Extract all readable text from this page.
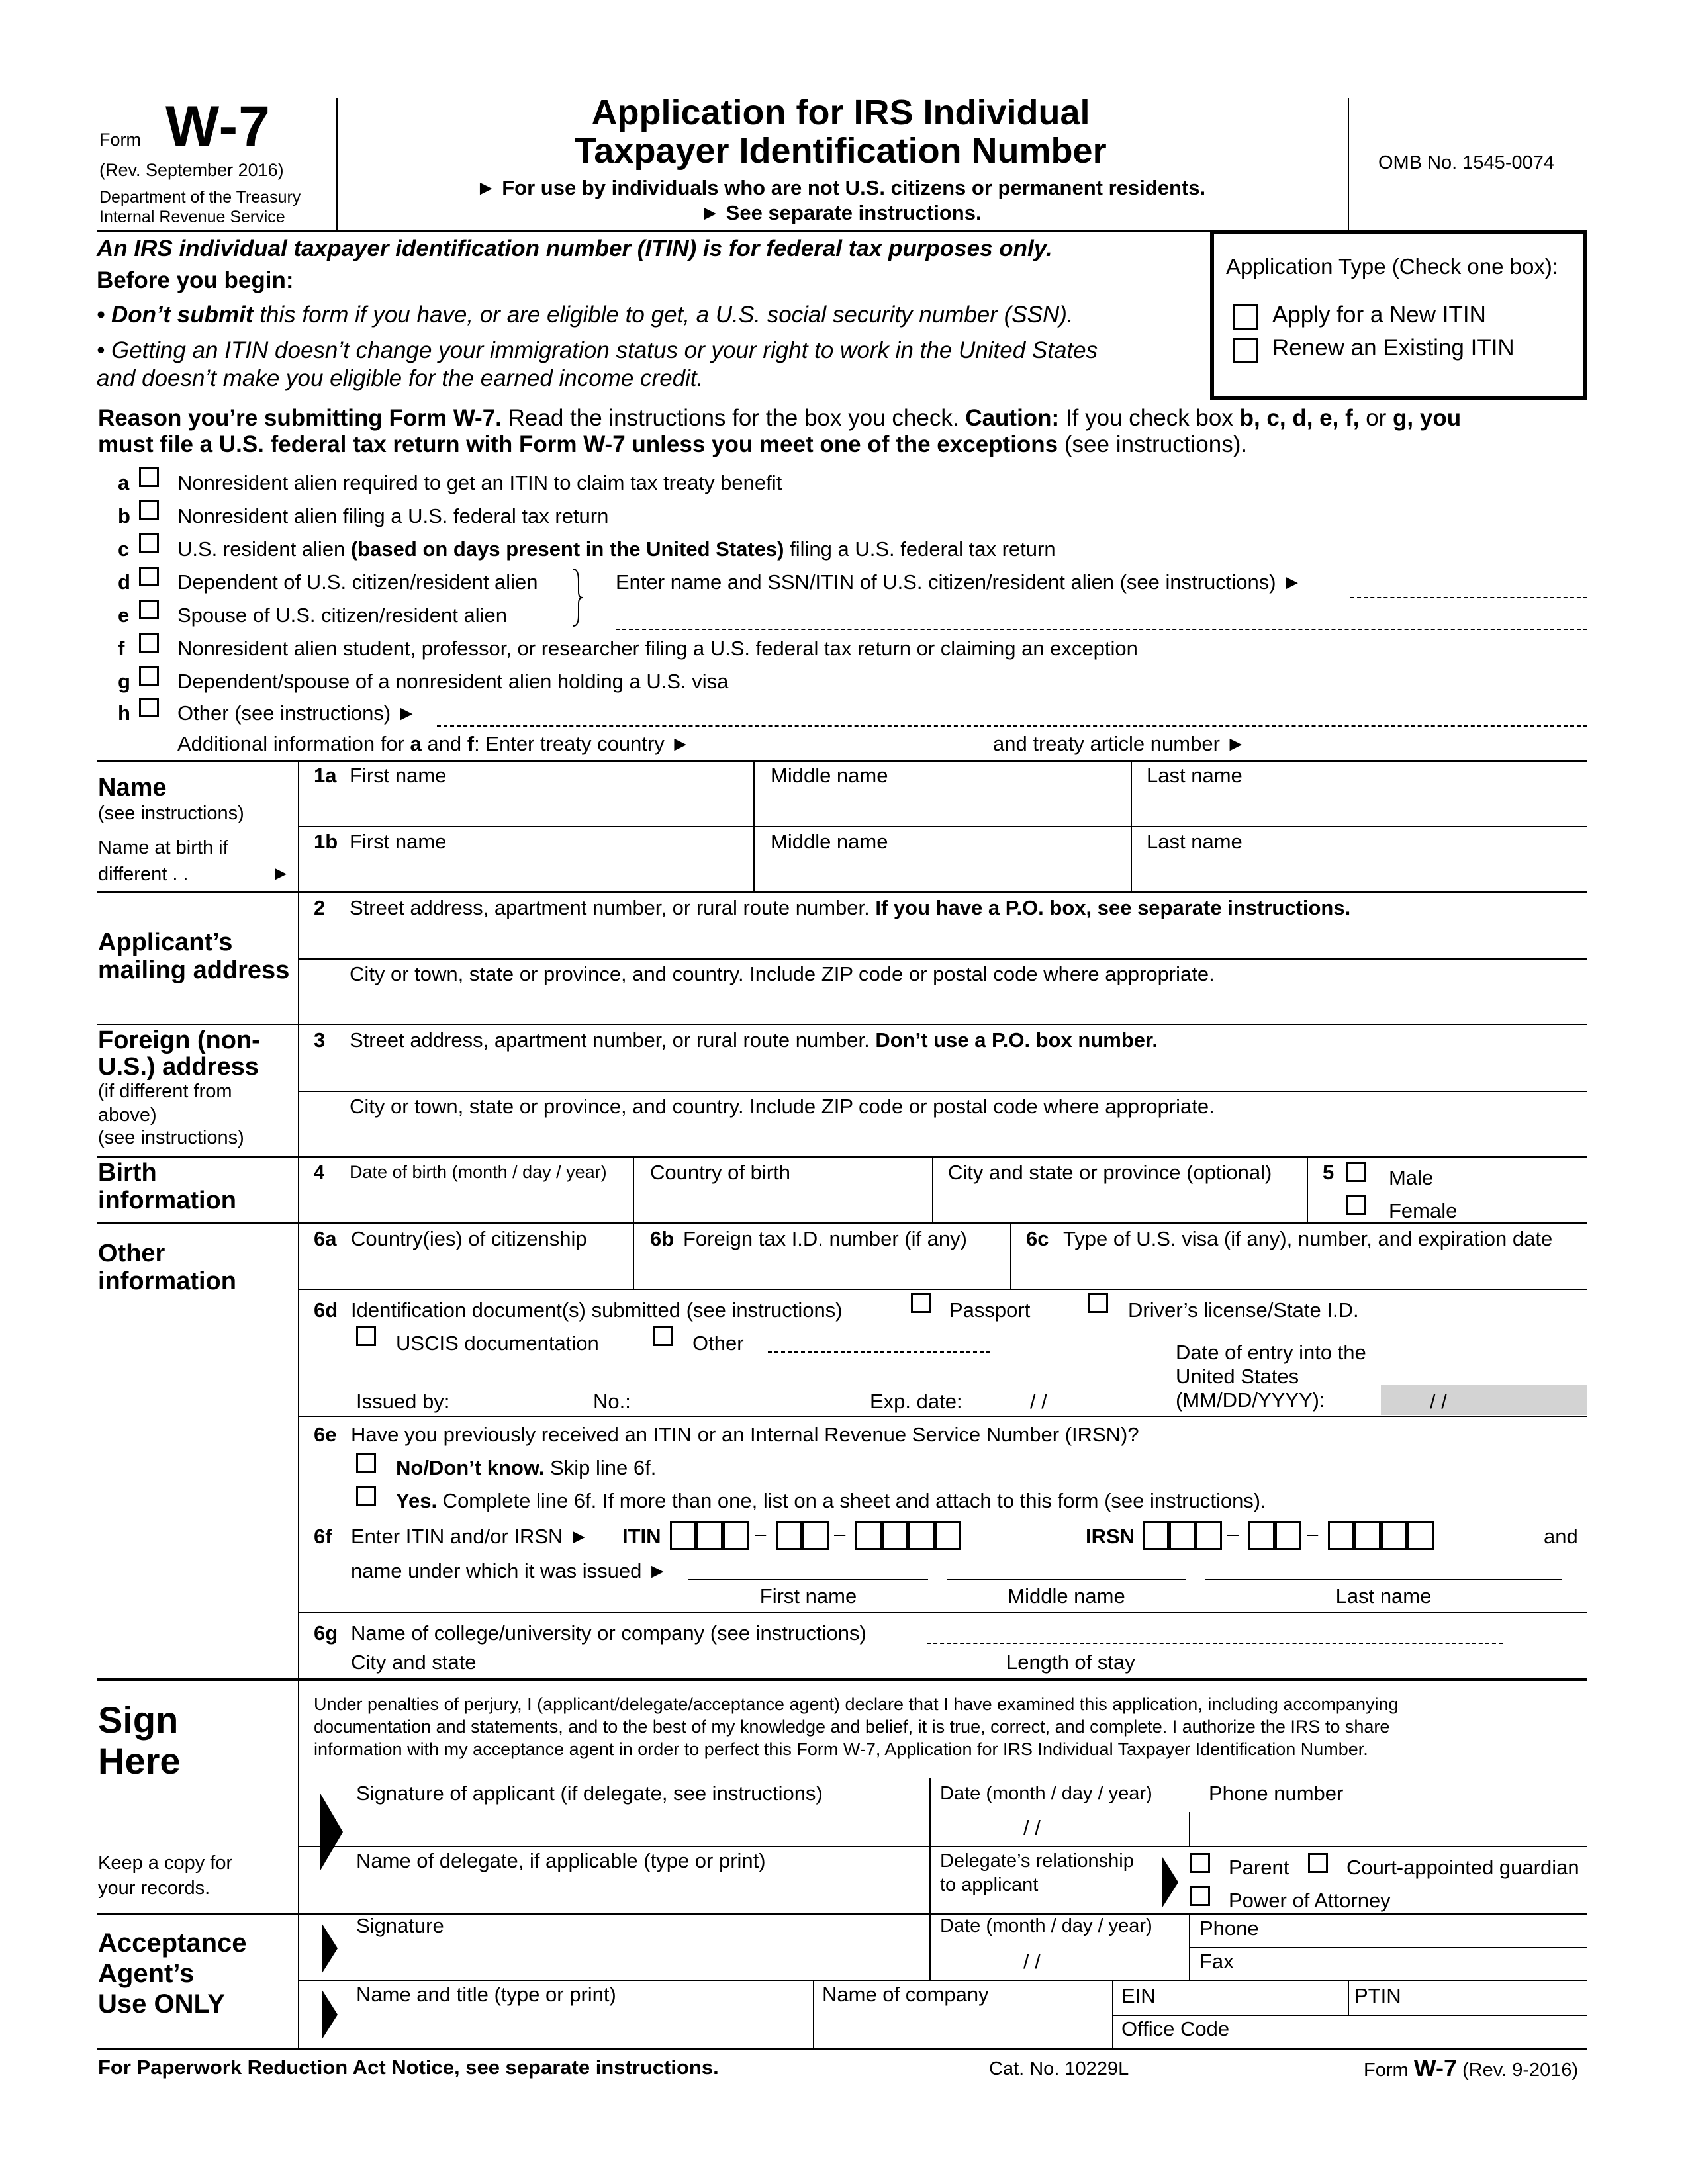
Form W-7
(Rev. September 2016)
Department of the Treasury
Internal Revenue Service
Application for IRS Individual
Taxpayer Identification Number
► For use by individuals who are not U.S. citizens or permanent residents.
► See separate instructions.
OMB No. 1545-0074
An IRS individual taxpayer identification number (ITIN) is for federal tax purposes only.
Before you begin:
• Don’t submit this form if you have, or are eligible to get, a U.S. social security number (SSN).
• Getting an ITIN doesn’t change your immigration status or your right to work in the United States
and doesn’t make you eligible for the earned income credit.
Application Type (Check one box):
Apply for a New ITIN
Renew an Existing ITIN
Reason you’re submitting Form W-7. Read the instructions for the box you check. Caution: If you check box b, c, d, e, f, or g, you
must file a U.S. federal tax return with Form W-7 unless you meet one of the exceptions (see instructions).
a Nonresident alien required to get an ITIN to claim tax treaty benefit
b Nonresident alien filing a U.S. federal tax return
c U.S. resident alien (based on days present in the United States) filing a U.S. federal tax return
d Dependent of U.S. citizen/resident alien
e Spouse of U.S. citizen/resident alien
Enter name and SSN/ITIN of U.S. citizen/resident alien (see instructions) ►
f	Nonresident alien student, professor, or researcher filing a U.S. federal tax return or claiming an exception
g Dependent/spouse of a nonresident alien holding a U.S. visa
h Other (see instructions) ►
Additional information for a and f: Enter treaty country ►	and treaty article number ►
Name
(see instructions)
Name at birth if
different . .	►
1a First name	Middle name	Last name
1b First name	Middle name	Last name
Applicant’s
mailing address
2 Street address, apartment number, or rural route number. If you have a P.O. box, see separate instructions.
City or town, state or province, and country. Include ZIP code or postal code where appropriate.
Foreign (non-
U.S.) address
(if different from
above)
(see instructions)
3 Street address, apartment number, or rural route number. Don’t use a P.O. box number.
City or town, state or province, and country. Include ZIP code or postal code where appropriate.
Birth
information
4 Date of birth (month / day / year) Country of birth	City and state or province (optional) 5	Male
Female
Other
information
6a Country(ies) of citizenship	6b Foreign tax I.D. number (if any)	6c Type of U.S. visa (if any), number, and expiration date
6d Identification document(s) submitted (see instructions)	Passport	Driver’s license/State I.D.
USCIS documentation	Other	Date of entry into the
United States
(MM/DD/YYYY):	/ /
Issued by:	No.:	Exp. date:	/ /
6e Have you previously received an ITIN or an Internal Revenue Service Number (IRSN)?
No/Don’t know. Skip line 6f.
Yes. Complete line 6f. If more than one, list on a sheet and attach to this form (see instructions).
6f Enter ITIN and/or IRSN ► ITIN	–	–	IRSN	–	–	and
name under which it was issued ►
First name	Middle name	Last name
6g Name of college/university or company (see instructions)
City and state	Length of stay
Sign
Here
Keep a copy for
your records.
Under penalties of perjury, I (applicant/delegate/acceptance agent) declare that I have examined this application, including accompanying
documentation and statements, and to the best of my knowledge and belief, it is true, correct, and complete. I authorize the IRS to share
information with my acceptance agent in order to perfect this Form W-7, Application for IRS Individual Taxpayer Identification Number.
Signature of applicant (if delegate, see instructions)	Date (month / day / year)
/ /
Phone number
Name of delegate, if applicable (type or print)	Delegate’s relationship
to applicant
Parent	Court-appointed guardian
Power of Attorney
Acceptance
Agent’s
Use ONLY
Signature	Date (month / day / year)
/ /
Phone
Fax
Name and title (type or print)	Name of company	EIN	PTIN
Office Code
For Paperwork Reduction Act Notice, see separate instructions.	Cat. No. 10229L	Form W-7 (Rev. 9-2016)
